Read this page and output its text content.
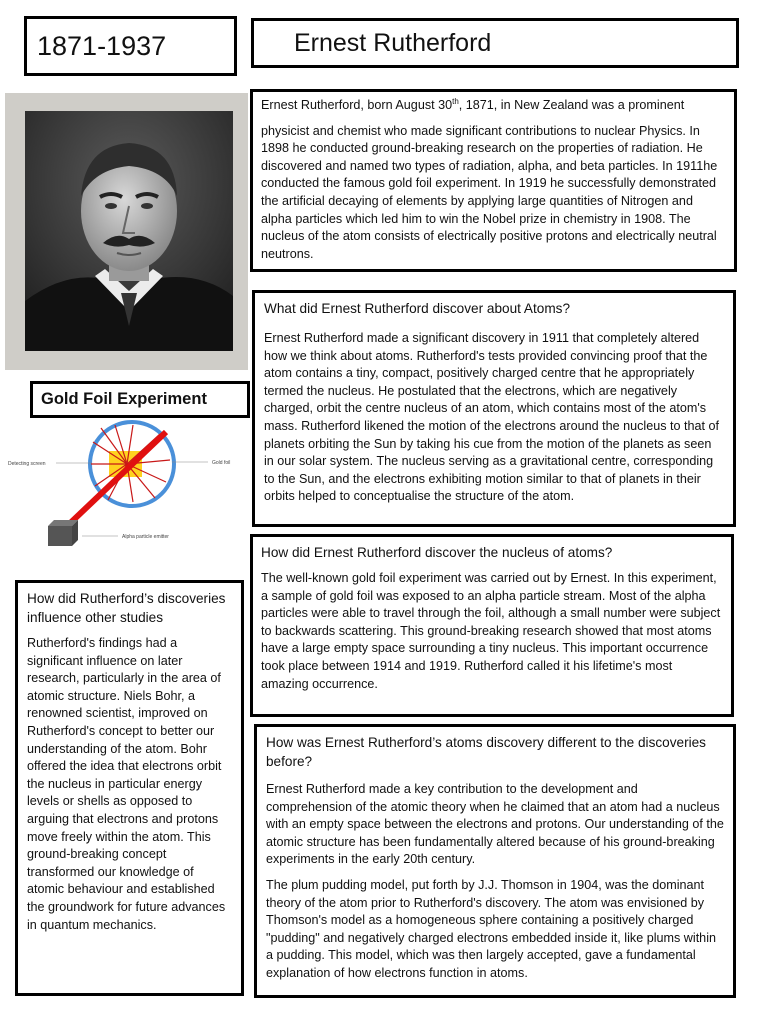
1871-1937	Ernest Rutherford
Gold Foil Experiment
Detecting screen	Gold foil
Alpha particle emitter

Ernest Rutherford, born August 30th, 1871, in New Zealand was a prominent

physicist and chemist who made significant contributions to nuclear Physics. In 1898 he conducted ground-breaking research on the properties of radiation. He discovered and named two types of radiation, alpha, and beta particles. In 1911he conducted the famous gold foil experiment. In 1919 he successfully demonstrated the artificial decaying of elements by applying large quantities of Nitrogen and alpha particles which led him to win the Nobel prize in chemistry in 1908. The nucleus of the atom consists of electrically positive protons and electrically neutral neutrons.

What did Ernest Rutherford discover about Atoms?

Ernest Rutherford made a significant discovery in 1911 that completely altered how we think about atoms. Rutherford's tests provided convincing proof that the atom contains a tiny, compact, positively charged centre that he appropriately termed the nucleus. He postulated that the electrons, which are negatively charged, orbit the centre nucleus of an atom, which contains most of the atom's mass. Rutherford likened the motion of the electrons around the nucleus to that of planets orbiting the Sun by taking his cue from the motion of the planets as seen in our solar system. The nucleus serving as a gravitational centre, corresponding to the Sun, and the electrons exhibiting motion similar to that of planets in their orbits helped to conceptualise the structure of the atom.

How did Ernest Rutherford discover the nucleus of atoms?

The well-known gold foil experiment was carried out by Ernest. In this experiment, a sample of gold foil was exposed to an alpha particle stream. Most of the alpha particles were able to travel through the foil, although a small number were subject to backwards scattering. This ground-breaking research showed that most atoms have a large empty space surrounding a tiny nucleus. This important occurrence took place between 1914 and 1919. Rutherford called it his lifetime's most amazing occurrence.

How did Rutherford’s discoveries influence other studies

Rutherford's findings had a significant influence on later research, particularly in the area of atomic structure. Niels Bohr, a renowned scientist, improved on Rutherford's concept to better our understanding of the atom. Bohr offered the idea that electrons orbit the nucleus in particular energy levels or shells as opposed to arguing that electrons and protons move freely within the atom. This ground-breaking concept transformed our knowledge of atomic behaviour and established the groundwork for future advances in quantum mechanics.

How was Ernest Rutherford’s atoms discovery different to the discoveries before?

Ernest Rutherford made a key contribution to the development and comprehension of the atomic theory when he claimed that an atom had a nucleus with an empty space between the electrons and protons. Our understanding of the atomic structure has been fundamentally altered because of his ground-breaking experiments in the early 20th century.

The plum pudding model, put forth by J.J. Thomson in 1904, was the dominant theory of the atom prior to Rutherford's discovery. The atom was envisioned by Thomson's model as a homogeneous sphere containing a positively charged "pudding" and negatively charged electrons embedded inside it, like plums within a pudding. This model, which was then largely accepted, gave a fundamental explanation of how electrons function in atoms.
